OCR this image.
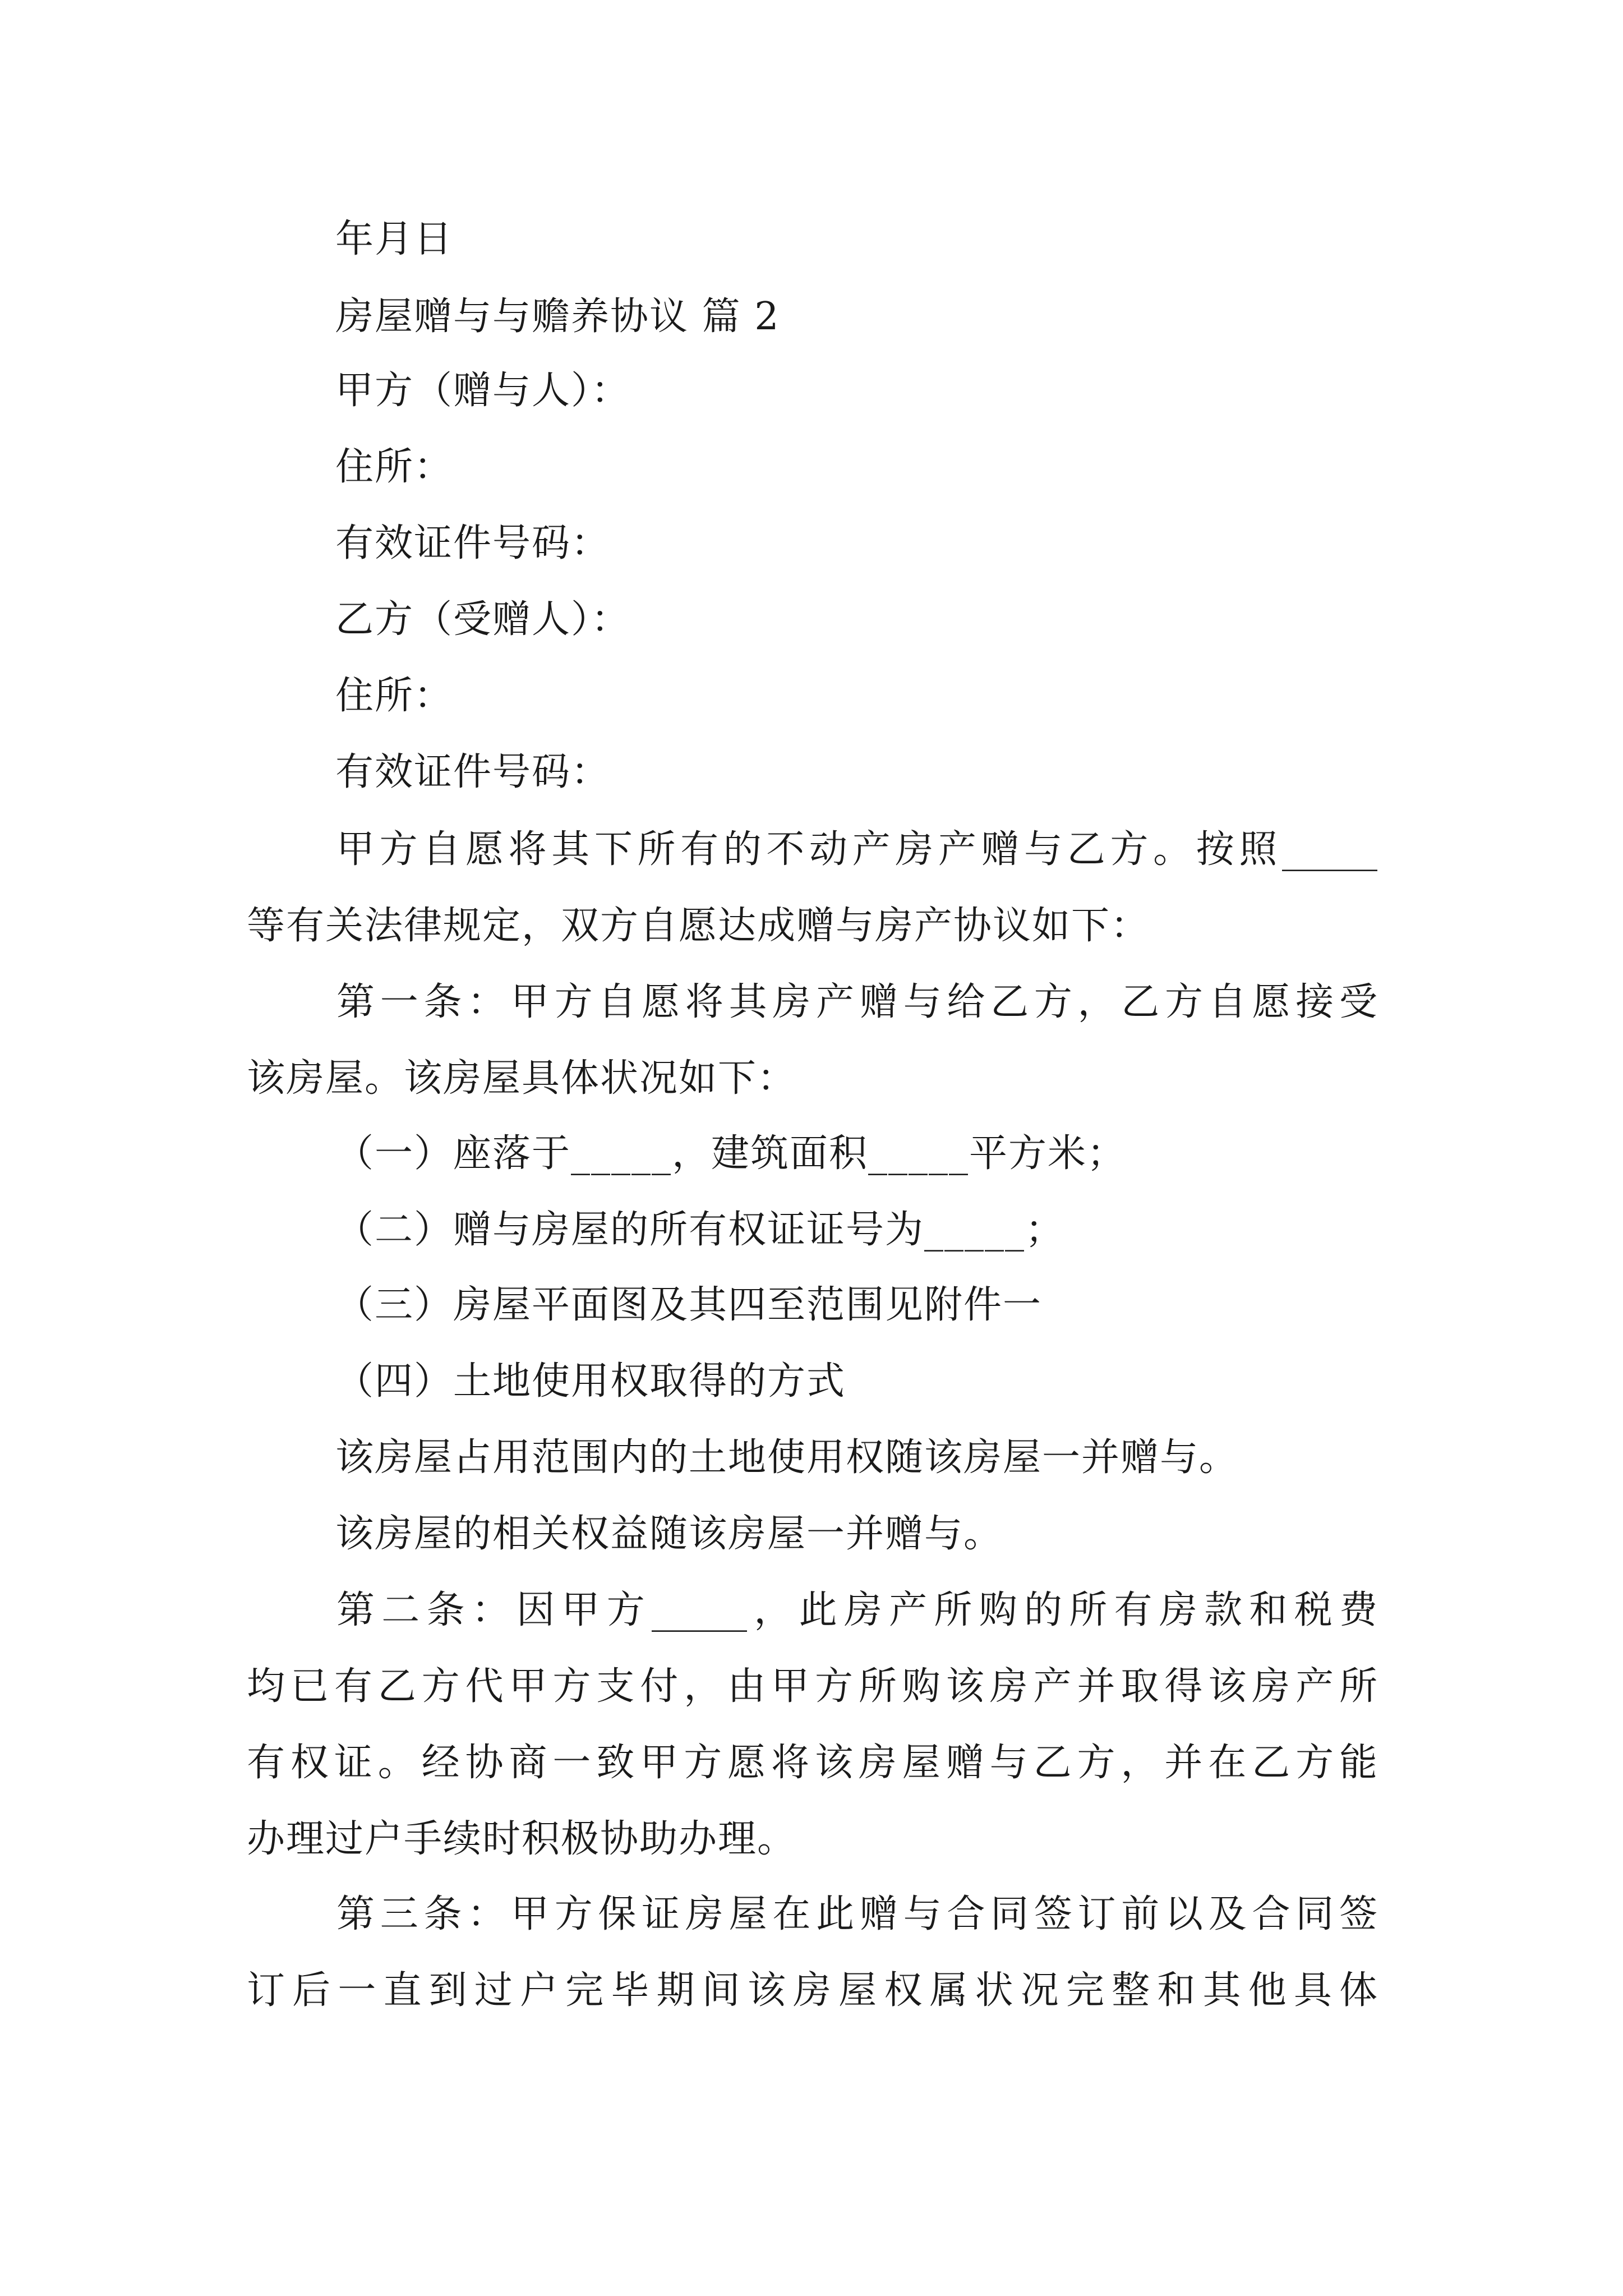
年月日

房屋赠与与赡养协议 篇 2

甲方（赠与人）：

住所：

有效证件号码：

乙方（受赠人）：

住所：

有效证件号码：

甲方自愿将其下所有的不动产房产赠与乙方。按照_____

等有关法律规定，双方自愿达成赠与房产协议如下：

第一条：甲方自愿将其房产赠与给乙方，乙方自愿接受

该房屋。该房屋具体状况如下：

（一）座落于_____，建筑面积_____平方米；

（二）赠与房屋的所有权证证号为_____；

（三）房屋平面图及其四至范围见附件一

（四）土地使用权取得的方式

该房屋占用范围内的土地使用权随该房屋一并赠与。

该房屋的相关权益随该房屋一并赠与。

第二条：因甲方_____，此房产所购的所有房款和税费

均已有乙方代甲方支付，由甲方所购该房产并取得该房产所

有权证。经协商一致甲方愿将该房屋赠与乙方，并在乙方能

办理过户手续时积极协助办理。

第三条：甲方保证房屋在此赠与合同签订前以及合同签

订后一直到过户完毕期间该房屋权属状况完整和其他具体
